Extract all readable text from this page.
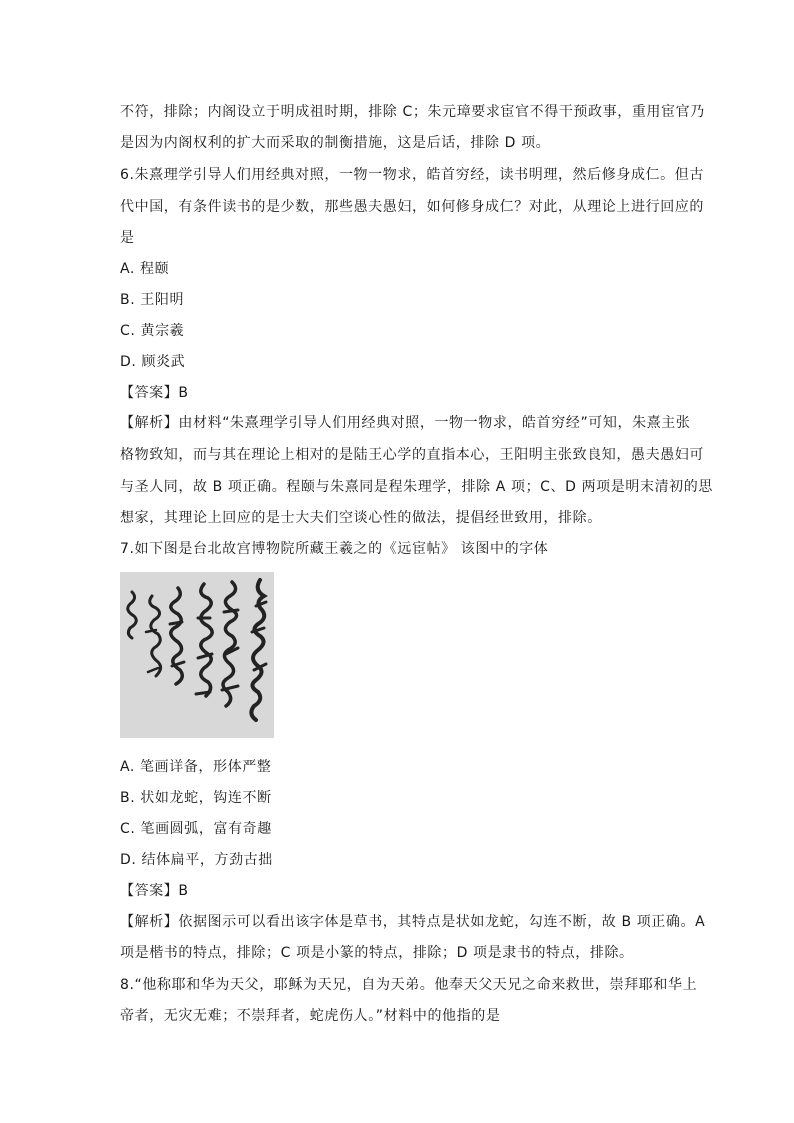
不符，排除；内阁设立于明成祖时期，排除 C；朱元璋要求宦官不得干预政事，重用宦官乃
是因为内阁权利的扩大而采取的制衡措施，这是后话，排除 D 项。
6.朱熹理学引导人们用经典对照，一物一物求，皓首穷经，读书明理，然后修身成仁。但古
代中国，有条件读书的是少数，那些愚夫愚妇，如何修身成仁？对此，从理论上进行回应的
是
A. 程颐
B. 王阳明
C. 黄宗羲
D. 顾炎武
【答案】B
【解析】由材料“朱熹理学引导人们用经典对照，一物一物求，皓首穷经”可知，朱熹主张
格物致知，而与其在理论上相对的是陆王心学的直指本心，王阳明主张致良知，愚夫愚妇可
与圣人同，故 B 项正确。程颐与朱熹同是程朱理学，排除 A 项；C、D 两项是明末清初的思
想家，其理论上回应的是士大夫们空谈心性的做法，提倡经世致用，排除。
7.如下图是台北故宫博物院所藏王羲之的《远宦帖》 该图中的字体
A. 笔画详备，形体严整
B. 状如龙蛇，钩连不断
C. 笔画圆弧，富有奇趣
D. 结体扁平，方劲古拙
【答案】B
【解析】依据图示可以看出该字体是草书，其特点是状如龙蛇，勾连不断，故 B 项正确。A
项是楷书的特点，排除；C 项是小篆的特点，排除；D 项是隶书的特点，排除。
8.“他称耶和华为天父，耶稣为天兄，自为天弟。他奉天父天兄之命来救世，崇拜耶和华上
帝者，无灾无难；不崇拜者，蛇虎伤人。”材料中的他指的是
